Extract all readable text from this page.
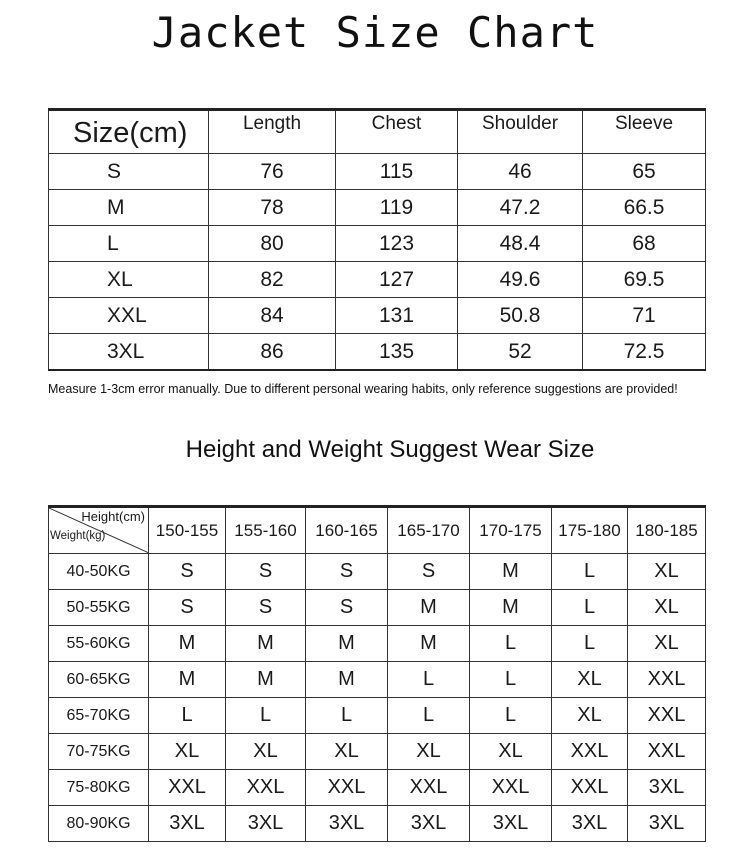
Jacket Size Chart
Size(cm)	Length	Chest	Shoulder	Sleeve
S	76	115	46	65
M	78	119	47.2	66.5
L	80	123	48.4	68
XL	82	127	49.6	69.5
XXL	84	131	50.8	71
3XL	86	135	52	72.5
Measure 1-3cm error manually. Due to different personal wearing habits, only reference suggestions are provided!
Height and Weight Suggest Wear Size
Height(cm)
Weight(kg)	150-155	155-160	160-165	165-170	170-175	175-180	180-185
40-50KG	S	S	S	S	M	L	XL
50-55KG	S	S	S	M	M	L	XL
55-60KG	M	M	M	M	L	L	XL
60-65KG	M	M	M	L	L	XL	XXL
65-70KG	L	L	L	L	L	XL	XXL
70-75KG	XL	XL	XL	XL	XL	XXL	XXL
75-80KG	XXL	XXL	XXL	XXL	XXL	XXL	3XL
80-90KG	3XL	3XL	3XL	3XL	3XL	3XL	3XL
